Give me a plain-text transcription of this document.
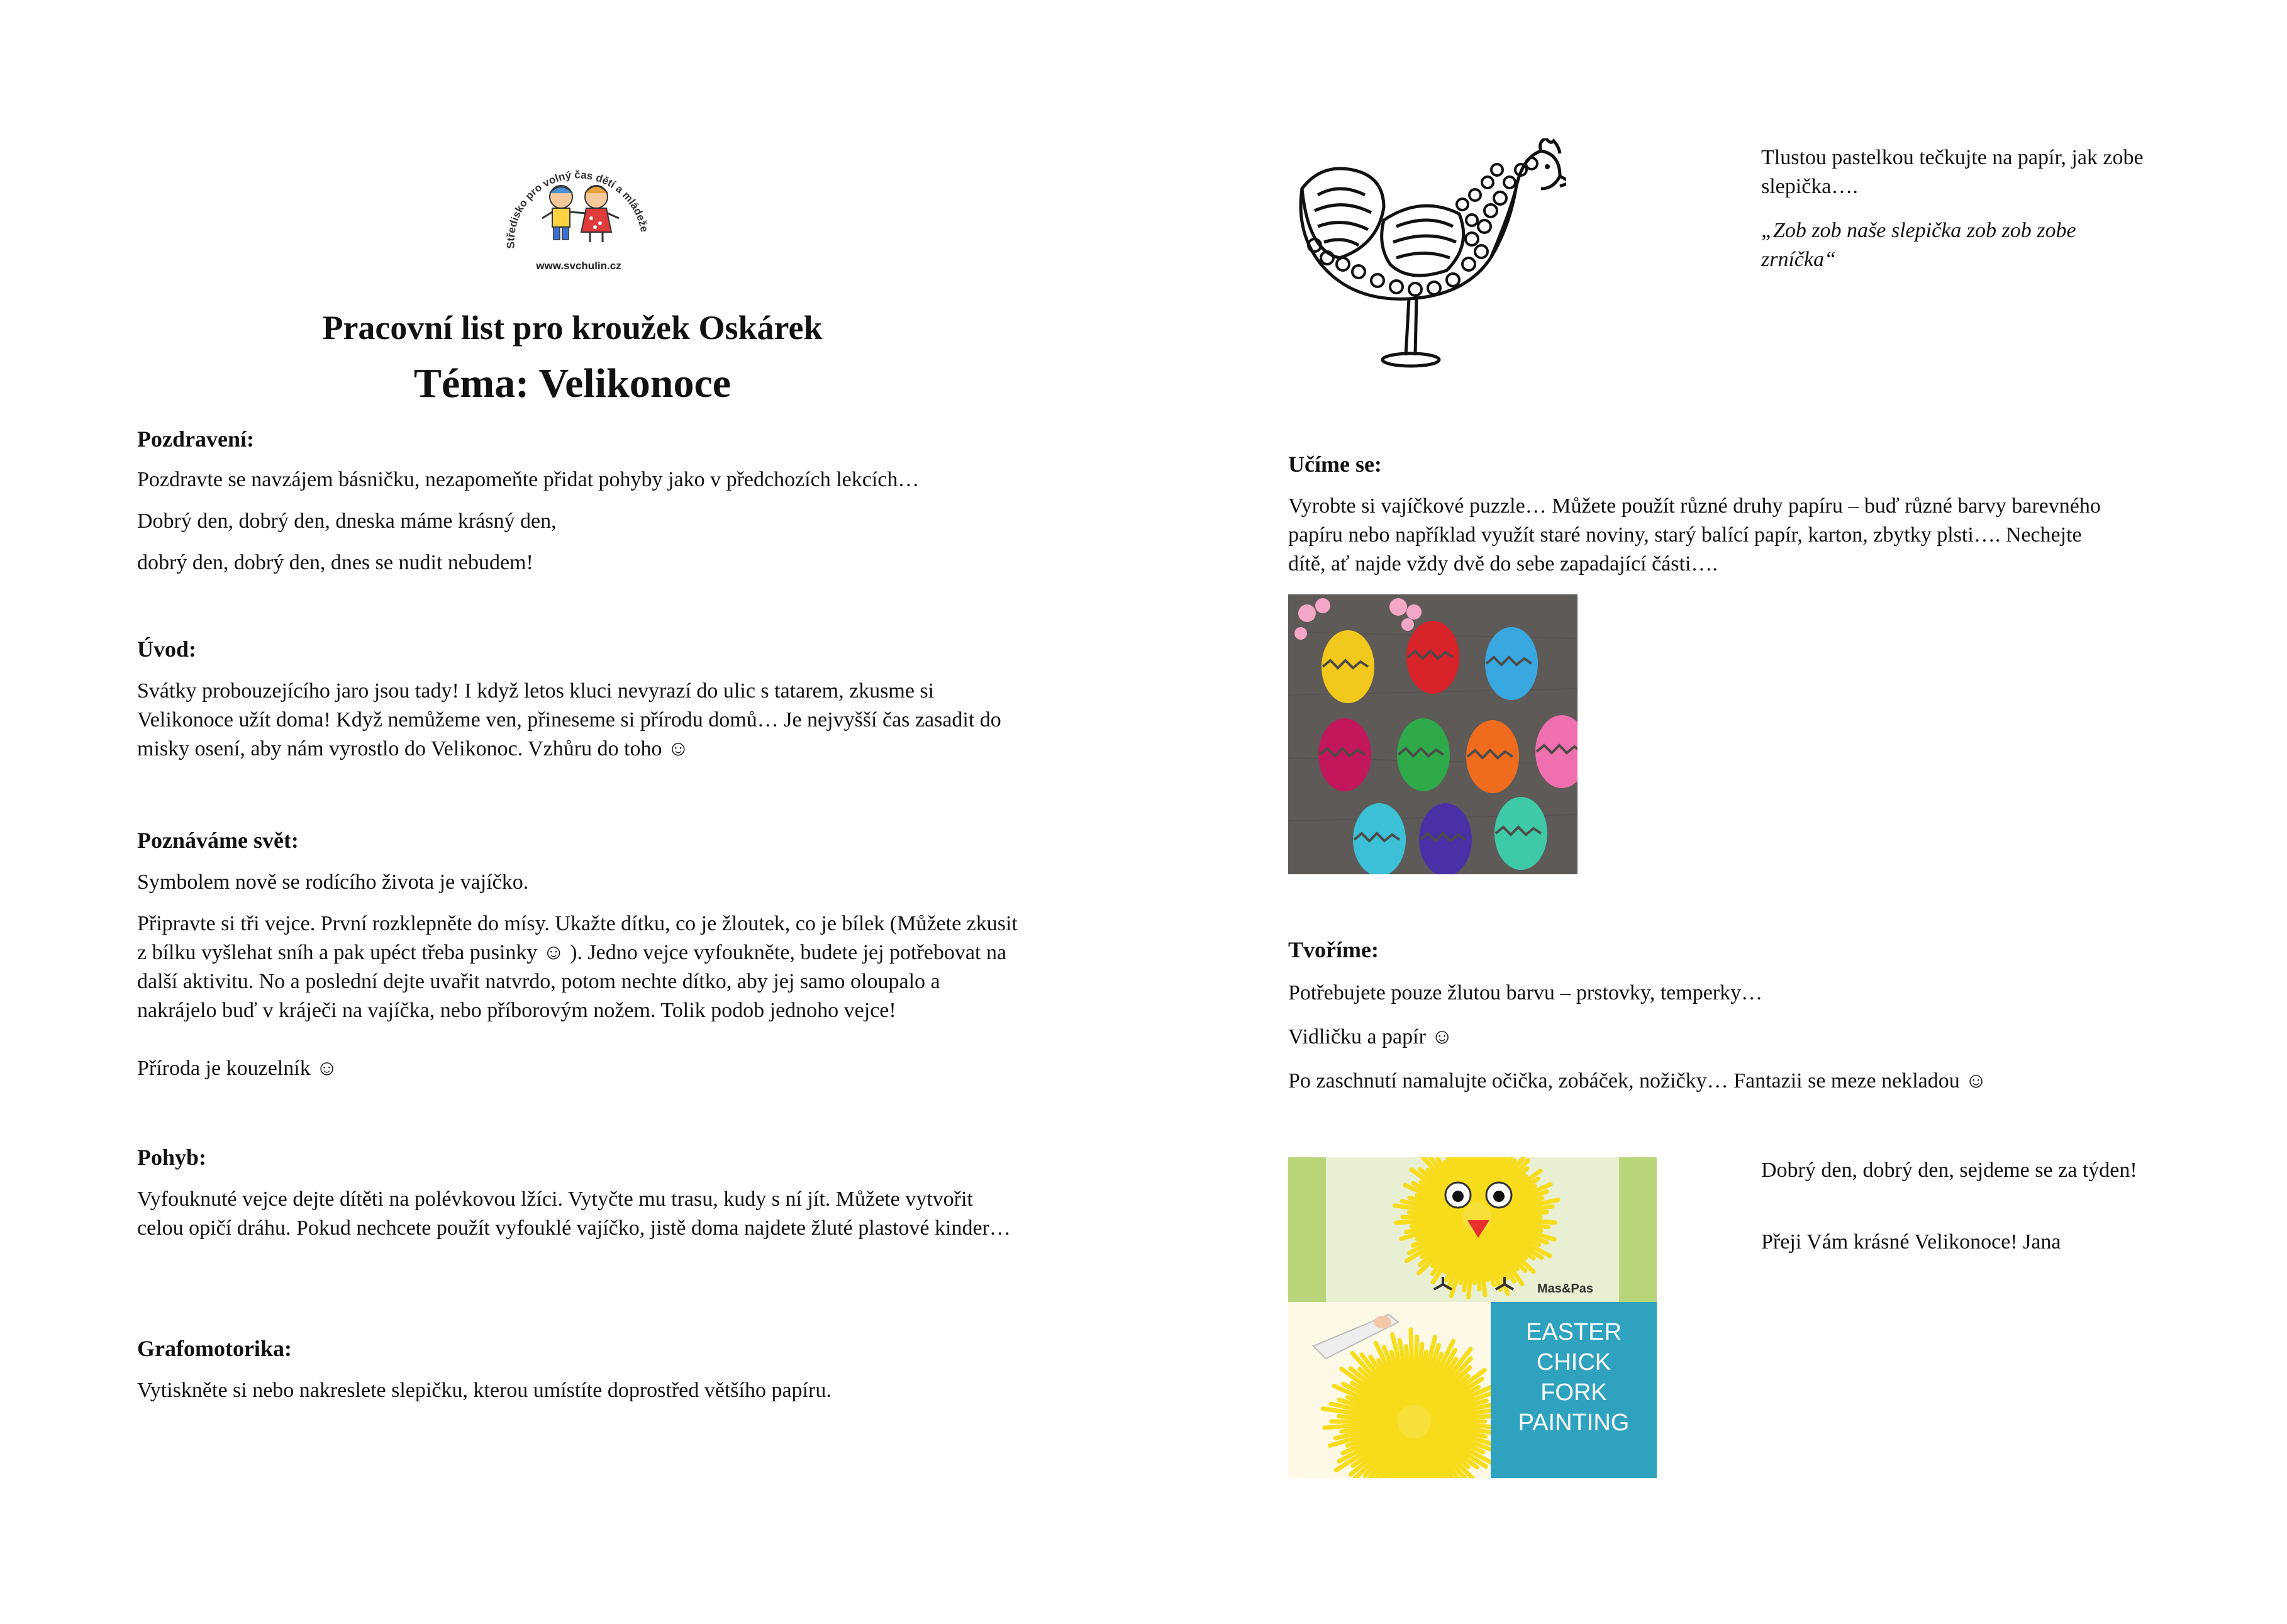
Středisko pro volný čas dětí a mládeže
www.svchulin.cz
Pracovní list pro kroužek Oskárek
Téma: Velikonoce
Pozdravení:
Pozdravte se navzájem básničku, nezapomeňte přidat pohyby jako v předchozích lekcích…
Dobrý den, dobrý den, dneska máme krásný den,
dobrý den, dobrý den, dnes se nudit nebudem!
Úvod:
Svátky probouzejícího jaro jsou tady! I když letos kluci nevyrazí do ulic s tatarem, zkusme si Velikonoce užít doma! Když nemůžeme ven, přineseme si přírodu domů… Je nejvyšší čas zasadit do misky osení, aby nám vyrostlo do Velikonoc. Vzhůru do toho ☺
Poznáváme svět:
Symbolem nově se rodícího života je vajíčko.
Připravte si tři vejce. První rozklepněte do mísy. Ukažte dítku, co je žloutek, co je bílek (Můžete zkusit z bílku vyšlehat sníh a pak upéct třeba pusinky ☺ ). Jedno vejce vyfoukněte, budete jej potřebovat na další aktivitu. No a poslední dejte uvařit natvrdo, potom nechte dítko, aby jej samo oloupalo a nakrájelo buď v kráječi na vajíčka, nebo příborovým nožem. Tolik podob jednoho vejce!
Příroda je kouzelník ☺
Pohyb:
Vyfouknuté vejce dejte dítěti na polévkovou lžíci. Vytyčte mu trasu, kudy s ní jít. Můžete vytvořit celou opičí dráhu. Pokud nechcete použít vyfouklé vajíčko, jistě doma najdete žluté plastové kinder…
Grafomotorika:
Vytiskněte si nebo nakreslete slepičku, kterou umístíte doprostřed většího papíru.
Tlustou pastelkou tečkujte na papír, jak zobe slepička….
„Zob zob naše slepička zob zob zobe zrníčka“
Učíme se:
Vyrobte si vajíčkové puzzle… Můžete použít různé druhy papíru – buď různé barvy barevného papíru nebo například využít staré noviny, starý balící papír, karton, zbytky plsti…. Nechejte dítě, ať najde vždy dvě do sebe zapadající části….
Tvoříme:
Potřebujete pouze žlutou barvu – prstovky, temperky…
Vidličku a papír ☺
Po zaschnutí namalujte očička, zobáček, nožičky… Fantazii se meze nekladou ☺
Mas&Pas
EASTER
CHICK
FORK
PAINTING
Dobrý den, dobrý den, sejdeme se za týden!
Přeji Vám krásné Velikonoce! Jana
